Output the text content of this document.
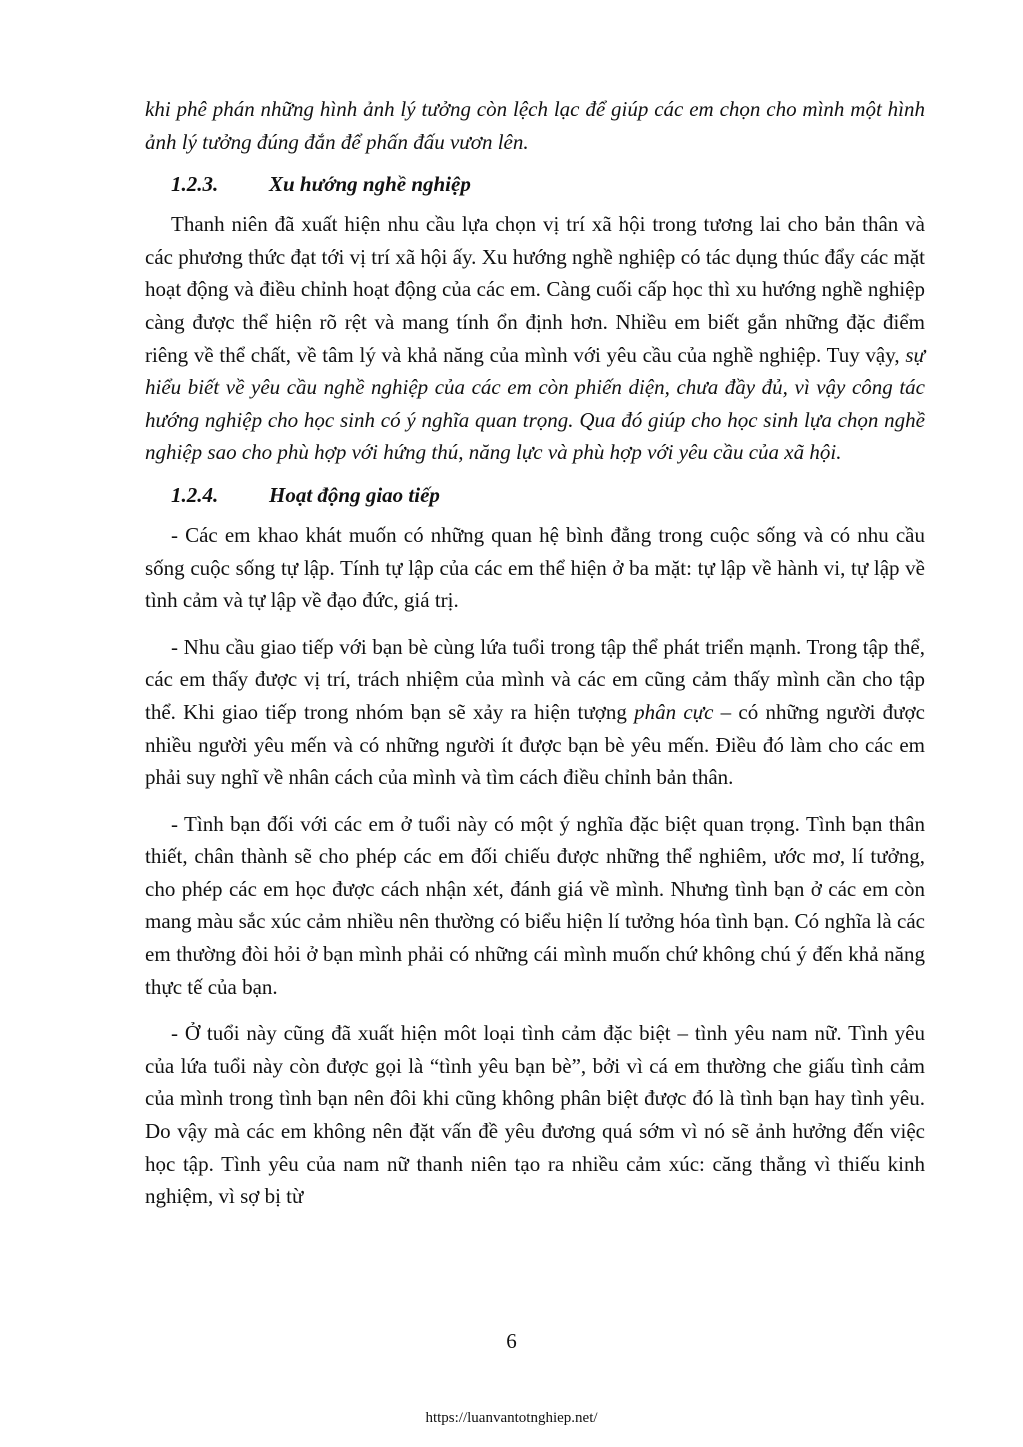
khi phê phán những hình ảnh lý tưởng còn lệch lạc để giúp các em chọn cho mình một hình ảnh lý tưởng đúng đắn để phấn đấu vươn lên.

1.2.3.	Xu hướng nghề nghiệp

Thanh niên đã xuất hiện nhu cầu lựa chọn vị trí xã hội trong tương lai cho bản thân và các phương thức đạt tới vị trí xã hội ấy. Xu hướng nghề nghiệp có tác dụng thúc đẩy các mặt hoạt động và điều chỉnh hoạt động của các em. Càng cuối cấp học thì xu hướng nghề nghiệp càng được thể hiện rõ rệt và mang tính ổn định hơn. Nhiều em biết gắn những đặc điểm riêng về thể chất, về tâm lý và khả năng của mình với yêu cầu của nghề nghiệp. Tuy vậy, sự hiểu biết về yêu cầu nghề nghiệp của các em còn phiến diện, chưa đầy đủ, vì vậy công tác hướng nghiệp cho học sinh có ý nghĩa quan trọng. Qua đó giúp cho học sinh lựa chọn nghề nghiệp sao cho phù hợp với hứng thú, năng lực và phù hợp với yêu cầu của xã hội.

1.2.4.	Hoạt động giao tiếp

- Các em khao khát muốn có những quan hệ bình đẳng trong cuộc sống và có nhu cầu sống cuộc sống tự lập. Tính tự lập của các em thể hiện ở ba mặt: tự lập về hành vi, tự lập về tình cảm và tự lập về đạo đức, giá trị.

- Nhu cầu giao tiếp với bạn bè cùng lứa tuổi trong tập thể phát triển mạnh. Trong tập thể, các em thấy được vị trí, trách nhiệm của mình và các em cũng cảm thấy mình cần cho tập thể. Khi giao tiếp trong nhóm bạn sẽ xảy ra hiện tượng phân cực – có những người được nhiều người yêu mến và có những người ít được bạn bè yêu mến. Điều đó làm cho các em phải suy nghĩ về nhân cách của mình và tìm cách điều chỉnh bản thân.

- Tình bạn đối với các em ở tuổi này có một ý nghĩa đặc biệt quan trọng. Tình bạn thân thiết, chân thành sẽ cho phép các em đối chiếu được những thể nghiêm, ước mơ, lí tưởng, cho phép các em học được cách nhận xét, đánh giá về mình. Nhưng tình bạn ở các em còn mang màu sắc xúc cảm nhiều nên thường có biểu hiện lí tưởng hóa tình bạn. Có nghĩa là các em thường đòi hỏi ở bạn mình phải có những cái mình muốn chứ không chú ý đến khả năng thực tế của bạn.

- Ở tuổi này cũng đã xuất hiện môt loại tình cảm đặc biệt – tình yêu nam nữ. Tình yêu của lứa tuổi này còn được gọi là “tình yêu bạn bè”, bởi vì cá em thường che giấu tình cảm của mình trong tình bạn nên đôi khi cũng không phân biệt được đó là tình bạn hay tình yêu. Do vậy mà các em không nên đặt vấn đề yêu đương quá sớm vì nó sẽ ảnh hưởng đến việc học tập. Tình yêu của nam nữ thanh niên tạo ra nhiều cảm xúc: căng thẳng vì thiếu kinh nghiệm, vì sợ bị từ

6
https://luanvantotnghiep.net/
